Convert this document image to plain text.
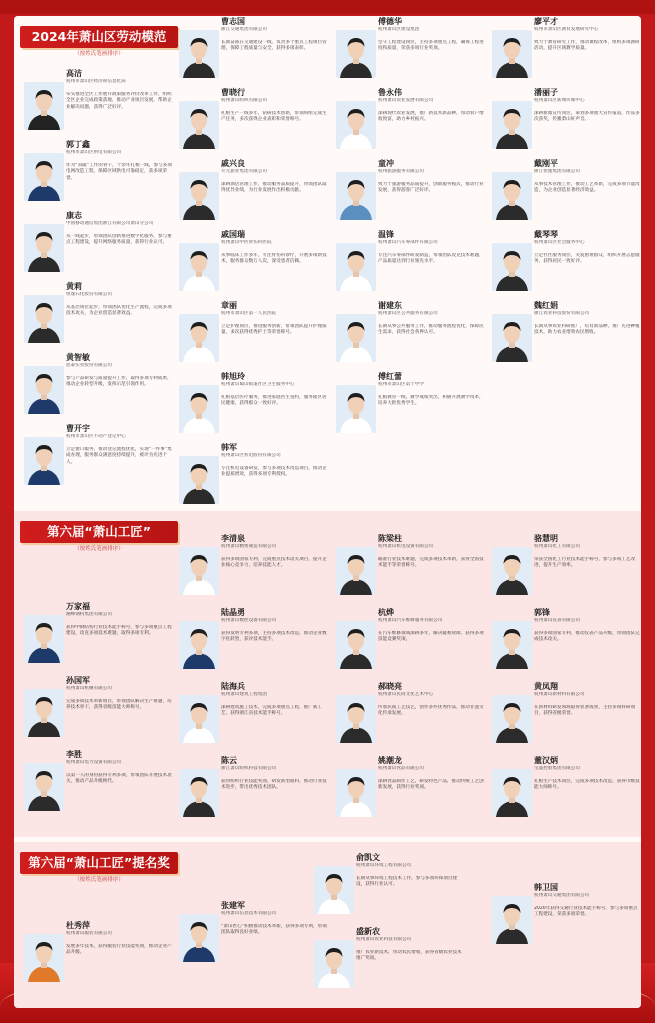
2024年萧山区劳动模范
（按姓氏笔画排序）
高洁
杭州市萧山区经济和信息化局
牵头推进全区工作展开政策服务评价改革工作，组织全区企业完成政策落地，推动产业项目发展，帮助企业解决问题，获得广泛好评。
郭丁鑫
杭州市萧山区供电有限公司
作为“双碳”工作的骨干，十余年扎根一线，参与多项电网改造工程，保障区域供电可靠稳定，获多项荣誉。
康志
中国移动通信集团浙江有限公司萧山分公司
从一线起步，带领团队创新推进数字化服务，参与重点工程建设，提升网络服务质量，获得行业认可。
黄莉
恒逸石化股份有限公司
从基层岗位起步，带领团队优化生产流程，完成多项技术攻关，为企业创造显著效益。
黄智敏
恩泰实业股份有限公司
参与产品研发与质量提升工作，取得多项专利成果，推动企业转型升级，发挥示范引领作用。
曹开宇
杭州市萧山区不动产登记中心
立足窗口服务，推动登记流程优化，实现“一件事”集成办理，服务群众满意度持续提升，被评为先进个人。
曹志国
浙江交通集团有限公司
长期奋战在交通建设一线，负责多个重点工程项目管理，保障工程质量与安全，获得多项表彰。
曹晓行
杭州萧山纺织有限公司
扎根生产一线多年，钻研技术创新，带领班组完成生产任务，多次获得企业表彰和荣誉称号。
戚兴良
开元旅业集团有限公司
深耕酒店管理工作，推动服务品质提升，带领团队取得优异业绩，为行业发展作出积极贡献。
戚国瑞
杭州萧山中医骨伤科医院
从事临床工作多年，专注骨伤科诊疗，开展多项新技术，服务群众数万人次，深受患者信赖。
章丽
杭州市萧山区第一人民医院
立足护理岗位，推进服务创新，带领团队提升护理质量，多次获得优秀护士等荣誉称号。
韩旭玲
杭州萧山蜀山街道社区卫生服务中心
扎根基层医疗服务，推进家庭医生签约，服务辖区居民健康，获得群众一致好评。
韩军
杭州萧山区机电股份有限公司
专注机电设备研发，参与多项技术改造项目，推动企业提质增效，获得多项专利授权。
傅德华
杭州萧山区建设集团
坚守工程建设岗位，主持多项重点工程，确保工程进度和质量，荣获多项行业奖项。
鲁永伟
杭州萧山农业发展有限公司
深耕现代农业发展，推广新技术新品种，带动农户增收致富，助力乡村振兴。
童冲
杭州旅游服务有限公司
致力于旅游服务品质提升，创新服务模式，推动行业发展，获得游客广泛好评。
温锋
杭州萧山汽车零部件有限公司
专注汽车零部件研发制造，带领团队攻克技术难题，产品质量达到行业领先水平。
谢建东
杭州萧山区公共服务有限公司
长期从事公共服务工作，推动服务流程优化，保障民生需求，获得社会各界认可。
傅红蕾
杭州市萧山区第十中学
扎根教育一线，教学成绩突出，积极开展教学改革，培养大批优秀学生。
廖平才
杭州市萧山区教育发展研究中心
致力于教育研究工作，推动课程改革，组织多项教研活动，提升区域教学质量。
潘丽子
杭州萧山区新闻传媒中心
深耕新闻宣传岗位，策划多项重大宣传报道，作品多次获奖，传播萧山好声音。
戴刚平
浙江恒逸集团有限公司
从事技术管理工作，推动工艺革新，完成多项节能改造，为企业创造显著经济效益。
戴琴琴
杭州萧山区社会服务中心
立足社区服务岗位，关爱困难群众，组织开展志愿服务，获得居民一致好评。
魏红娟
浙江农业科技股份有限公司
长期从事农业科研推广，培育新品种，推广先进种植技术，助力农业增效农民增收。
第六届“萧山工匠”
（按姓氏笔画排序）
万家福
湘峰钢构集团有限公司
获得中钢结构行业技术能手称号，参与多项重点工程建设，攻克多项技术难题，取得多项专利。
孙国军
杭州萧山机械有限公司
完成多项技术革新项目，带领团队解决生产难题，培养技术骨干，获得省级技能大师称号。
李胜
杭州萧山电力设备有限公司
以第一人的身份获得专利多项，带领团队开展技术攻关，推动产品升级换代。
李清泉
杭州萧山精密制造有限公司
获得多项国家专利，完成重点技术攻关项目，提升企业核心竞争力，培养技能人才。
陆晶勇
杭州萧山数控设备有限公司
获得发明专利多项，主持多项技术改造，推动企业数字化转型，获评技术能手。
陆海兵
杭州萧山建筑工程集团
深耕建筑施工技术，完成多项重点工程，推广新工艺，获得浙江省技术能手称号。
陈云
浙江萧山纺织科技有限公司
获得纺织行业技能奖项，研发新型面料，推动行业技术进步，带出优秀技术团队。
陈梁柱
杭州萧山机电设备有限公司
瞄准行业技术难题，完成多项技术革新，获得全国技术能手等荣誉称号。
杭烨
杭州萧山汽车维修服务有限公司
在汽车维修领域深耕多年，解决疑难故障，获得多项技能竞赛奖项。
郝晓亮
杭州萧山民间文化艺术中心
传承民间工艺技艺，创作多件优秀作品，推动非遗文化传承发展。
姚潮龙
杭州萧山食品有限公司
深耕食品制作工艺，研发特色产品，推动传统工艺创新发展，获得行业奖项。
骆慧明
杭州萧山化工有限公司
荣获全国化工行业技术能手称号，参与多项工艺改进，提升生产效率。
郭锋
杭州萧山仪表有限公司
获得多项国家专利，推动仪表产品升级，带领团队完成技术攻关。
黄凤翔
杭州萧山新材料有限公司
在新材料研发领域取得显著成果，主持多项科研项目，获得省级荣誉。
董汉炳
宝晶控股集团有限公司
扎根生产技术岗位，完成多项技术改造，获得市级技能大师称号。
第六届“萧山工匠”提名奖
（按姓氏笔画排序）
杜秀萍
杭州萧山服装有限公司
发展多年技术，获得服装行业技能奖项，推动企业产品升级。
张建军
杭州萧山信息技术有限公司
“萧山匠心”积极推动技术革新，获得多项专利，带领团队取得良好业绩。
俞凯文
杭州萧山环境工程有限公司
长期从事环境工程技术工作，参与多项环保项目建设，获得行业认可。
盛新农
杭州萧山农业科技有限公司
推广农业新技术，带动农民增收，获得省级农业技术推广奖项。
韩卫国
杭州萧山交通集团有限公司
2020年获得交通行业技术能手称号，参与多项重点工程建设，荣获多项荣誉。
